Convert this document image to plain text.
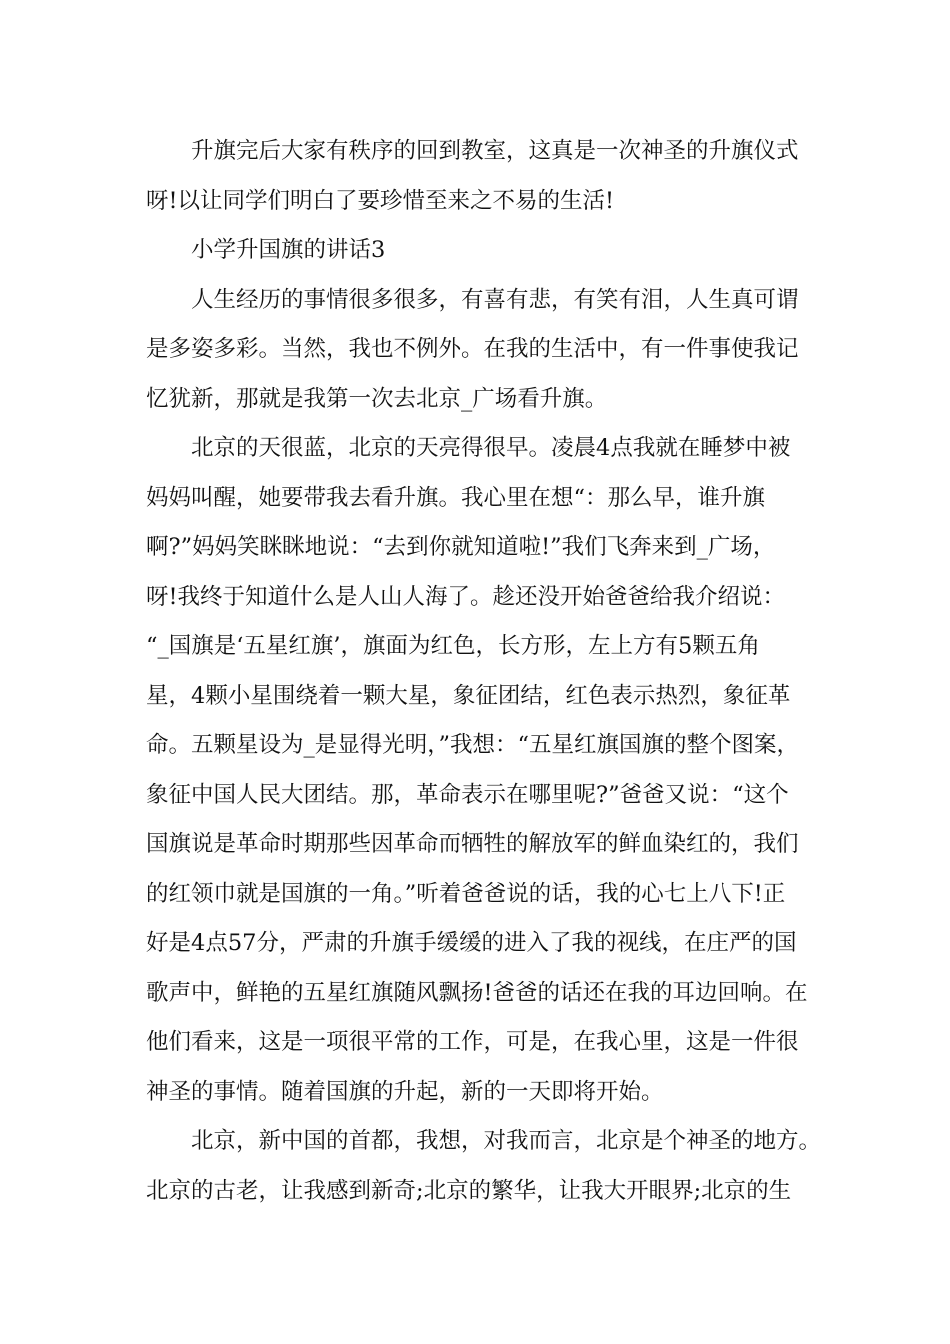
升旗完后大家有秩序的回到教室，这真是一次神圣的升旗仪式
呀!以让同学们明白了要珍惜至来之不易的生活!
小学升国旗的讲话3
人生经历的事情很多很多，有喜有悲，有笑有泪，人生真可谓
是多姿多彩。当然，我也不例外。在我的生活中，有一件事使我记
忆犹新，那就是我第一次去北京_广场看升旗。
北京的天很蓝，北京的天亮得很早。凌晨4点我就在睡梦中被
妈妈叫醒，她要带我去看升旗。我心里在想“：那么早，谁升旗
啊?”妈妈笑眯眯地说：“去到你就知道啦!”我们飞奔来到_广场，
呀!我终于知道什么是人山人海了。趁还没开始爸爸给我介绍说：
“_国旗是‘五星红旗’，旗面为红色，长方形，左上方有5颗五角
星，4颗小星围绕着一颗大星，象征团结，红色表示热烈，象征革
命。五颗星设为_是显得光明，”我想：“五星红旗国旗的整个图案，
象征中国人民大团结。那，革命表示在哪里呢?”爸爸又说：“这个
国旗说是革命时期那些因革命而牺牲的解放军的鲜血染红的，我们
的红领巾就是国旗的一角。”听着爸爸说的话，我的心七上八下!正
好是4点57分，严肃的升旗手缓缓的进入了我的视线，在庄严的国
歌声中，鲜艳的五星红旗随风飘扬!爸爸的话还在我的耳边回响。在
他们看来，这是一项很平常的工作，可是，在我心里，这是一件很
神圣的事情。随着国旗的升起，新的一天即将开始。
北京，新中国的首都，我想，对我而言，北京是个神圣的地方。
北京的古老，让我感到新奇;北京的繁华，让我大开眼界;北京的生
